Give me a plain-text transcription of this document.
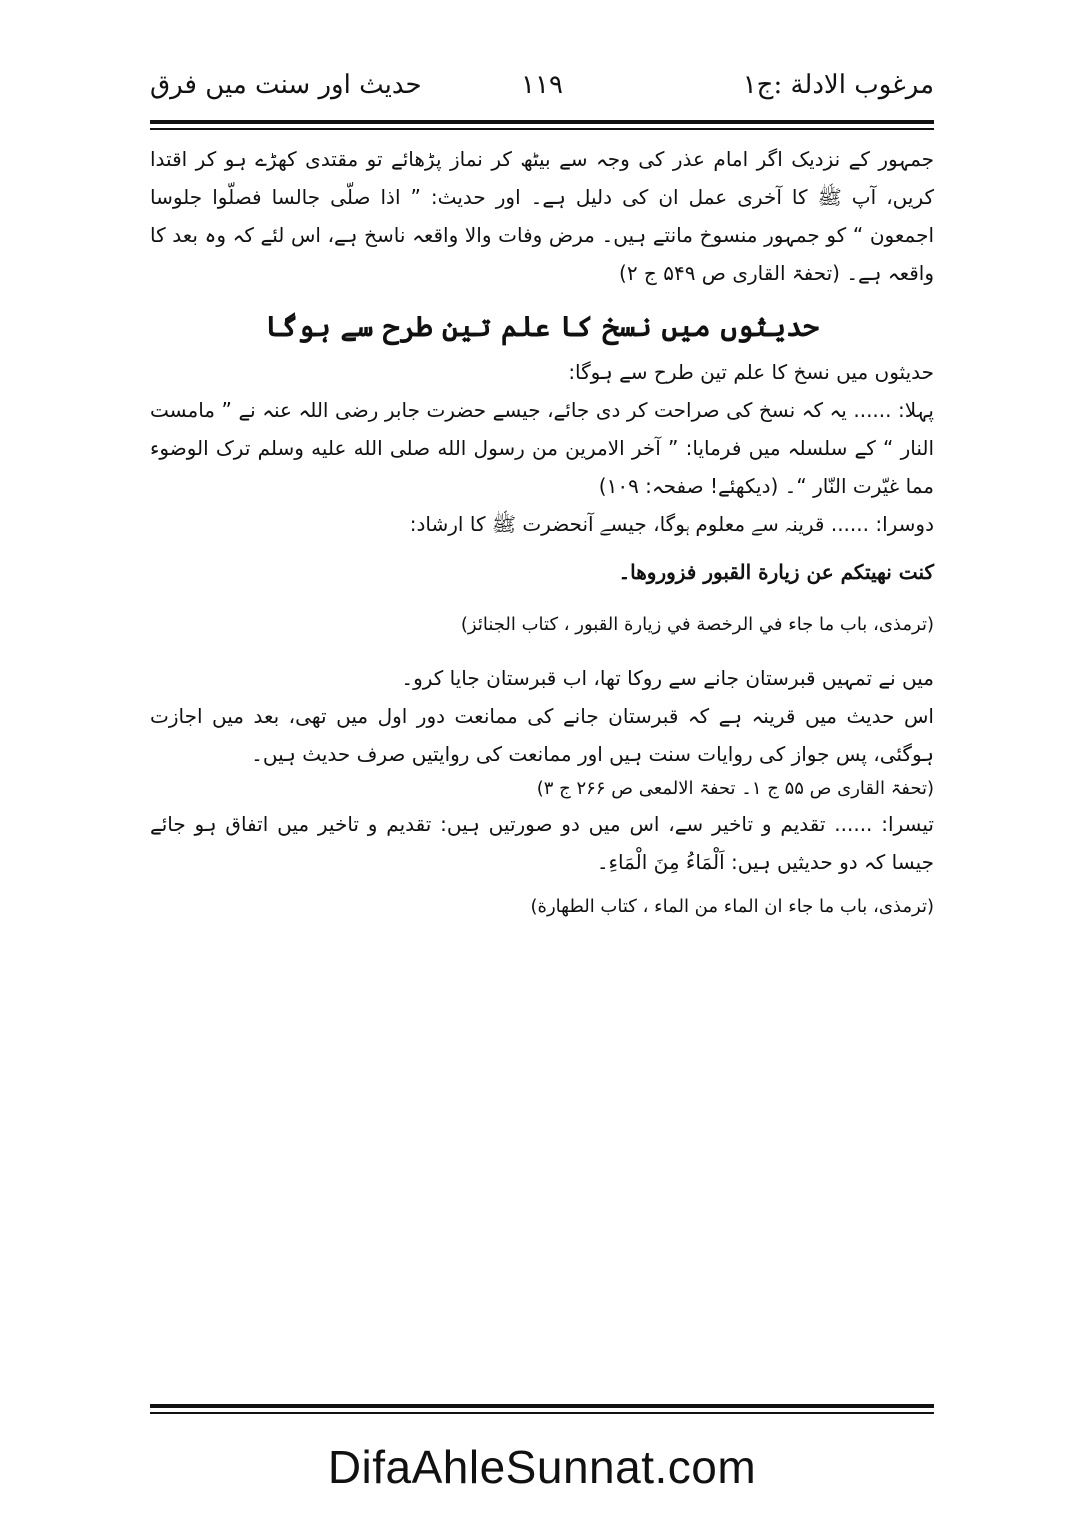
مرغوب الادلة :ج۱
۱۱۹
حدیث اور سنت میں فرق

جمہور کے نزدیک اگر امام عذر کی وجہ سے بیٹھ کر نماز پڑھائے تو مقتدی کھڑے ہو کر اقتدا کریں، آپ ﷺ کا آخری عمل ان کی دلیل ہے۔ اور حدیث: ” اذا صلّی جالسا فصلّوا جلوسا اجمعون “ کو جمہور منسوخ مانتے ہیں۔ مرض وفات والا واقعہ ناسخ ہے، اس لئے کہ وہ بعد کا واقعہ ہے۔ (تحفۃ القاری ص ۵۴۹ ج ۲)

حدیثوں میں نسخ کا علم تین طرح سے ہوگا

حدیثوں میں نسخ کا علم تین طرح سے ہوگا:

پہلا: ...... یہ کہ نسخ کی صراحت کر دی جائے، جیسے حضرت جابر رضی اللہ عنہ نے ” مامست النار “ کے سلسلہ میں فرمایا: ” آخر الامرین من رسول الله صلى الله عليه وسلم ترک الوضوء مما غيّرت النّار “۔ (دیکھئے! صفحہ: ۱۰۹)

دوسرا: ...... قرینہ سے معلوم ہوگا، جیسے آنحضرت ﷺ کا ارشاد:

کنت نهيتكم عن زيارة القبور فزوروها۔

(ترمذی، باب ما جاء في الرخصة في زيارة القبور ، كتاب الجنائز)

میں نے تمہیں قبرستان جانے سے روکا تھا، اب قبرستان جایا کرو۔

اس حدیث میں قرینہ ہے کہ قبرستان جانے کی ممانعت دور اول میں تھی، بعد میں اجازت ہوگئی، پس جواز کی روایات سنت ہیں اور ممانعت کی روایتیں صرف حدیث ہیں۔

(تحفۃ القاری ص ۵۵ ج ۱۔ تحفۃ الالمعی ص ۲۶۶ ج ۳)

تیسرا: ...... تقدیم و تاخیر سے، اس میں دو صورتیں ہیں: تقدیم و تاخیر میں اتفاق ہو جائے جیسا کہ دو حدیثیں ہیں: اَلْمَاءُ مِنَ الْمَاءِ۔

(ترمذی، باب ما جاء ان الماء من الماء ، كتاب الطهارة)

DifaAhleSunnat.com
